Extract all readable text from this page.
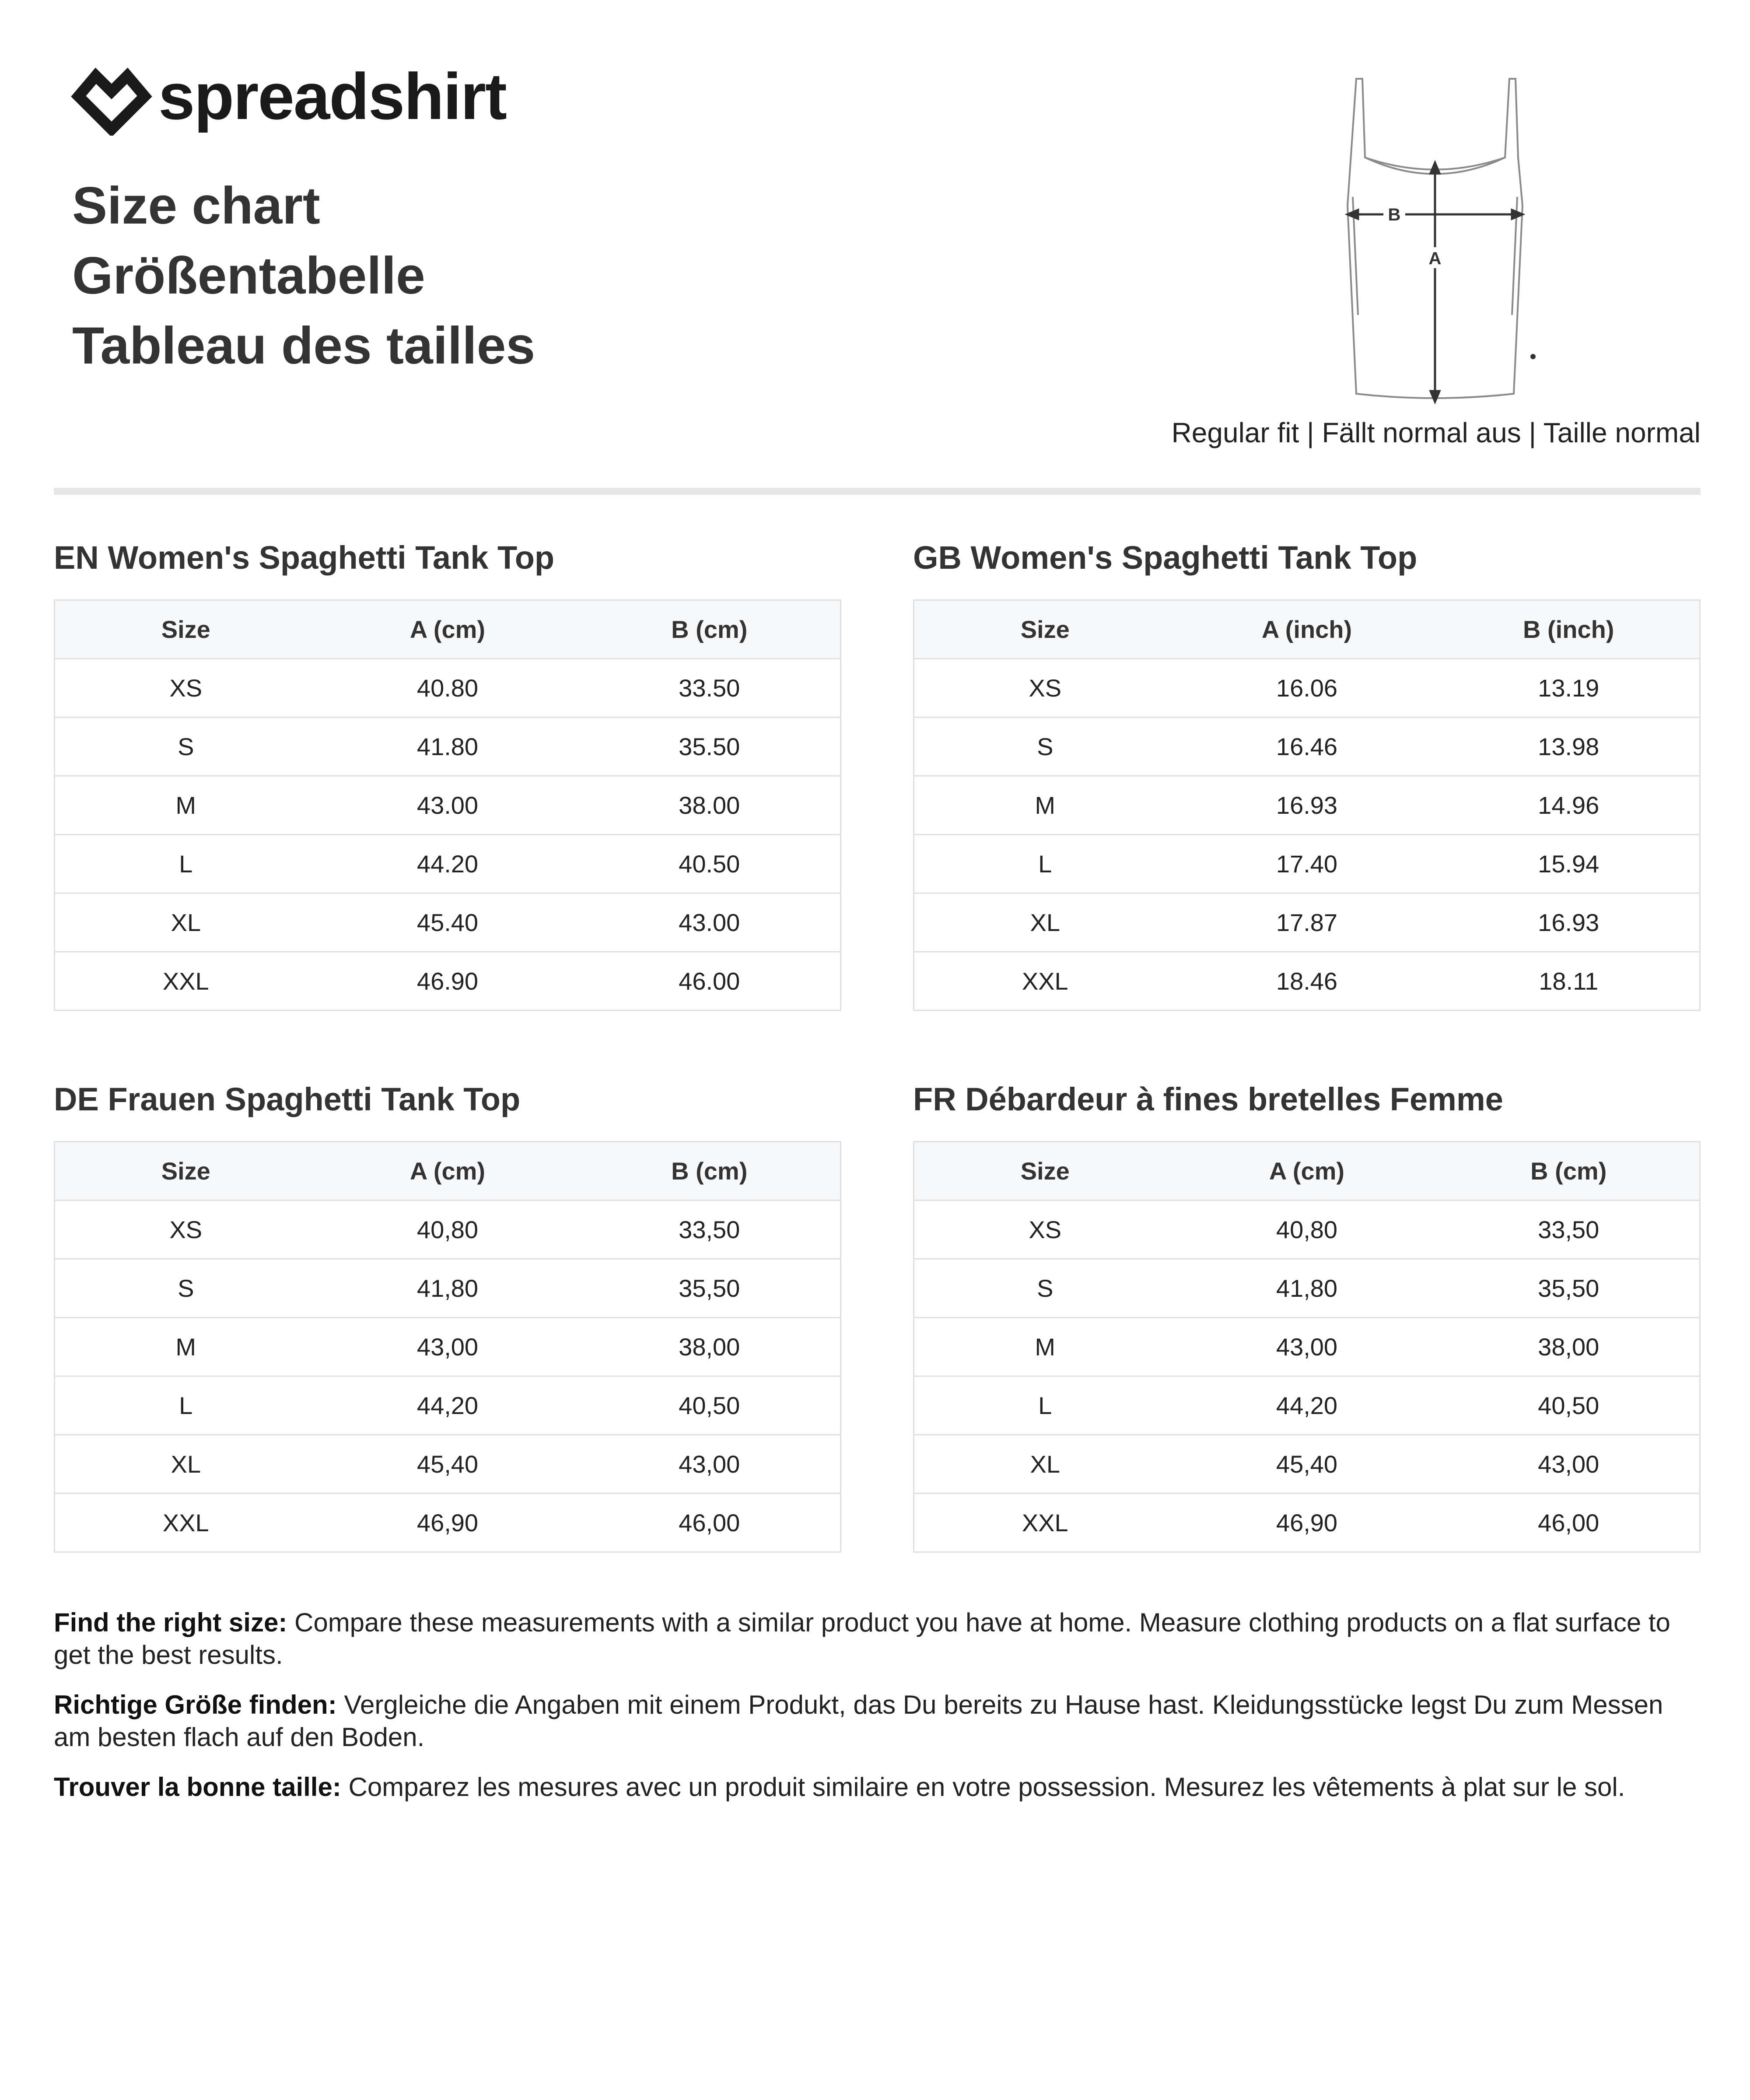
spreadshirt
Size chart
Größentabelle
Tableau des tailles
B
A
Regular fit | Fällt normal aus | Taille normal
EN Women's Spaghetti Tank Top
Size	A (cm)	B (cm)
XS	40.80	33.50
S	41.80	35.50
M	43.00	38.00
L	44.20	40.50
XL	45.40	43.00
XXL	46.90	46.00
GB Women's Spaghetti Tank Top
Size	A (inch)	B (inch)
XS	16.06	13.19
S	16.46	13.98
M	16.93	14.96
L	17.40	15.94
XL	17.87	16.93
XXL	18.46	18.11
DE Frauen Spaghetti Tank Top
Size	A (cm)	B (cm)
XS	40,80	33,50
S	41,80	35,50
M	43,00	38,00
L	44,20	40,50
XL	45,40	43,00
XXL	46,90	46,00
FR Débardeur à fines bretelles Femme
Size	A (cm)	B (cm)
XS	40,80	33,50
S	41,80	35,50
M	43,00	38,00
L	44,20	40,50
XL	45,40	43,00
XXL	46,90	46,00

Find the right size: Compare these measurements with a similar product you have at home. Measure clothing products on a flat surface to get the best results.

Richtige Größe finden: Vergleiche die Angaben mit einem Produkt, das Du bereits zu Hause hast. Kleidungsstücke legst Du zum Messen am besten flach auf den Boden.

Trouver la bonne taille: Comparez les mesures avec un produit similaire en votre possession. Mesurez les vêtements à plat sur le sol.
